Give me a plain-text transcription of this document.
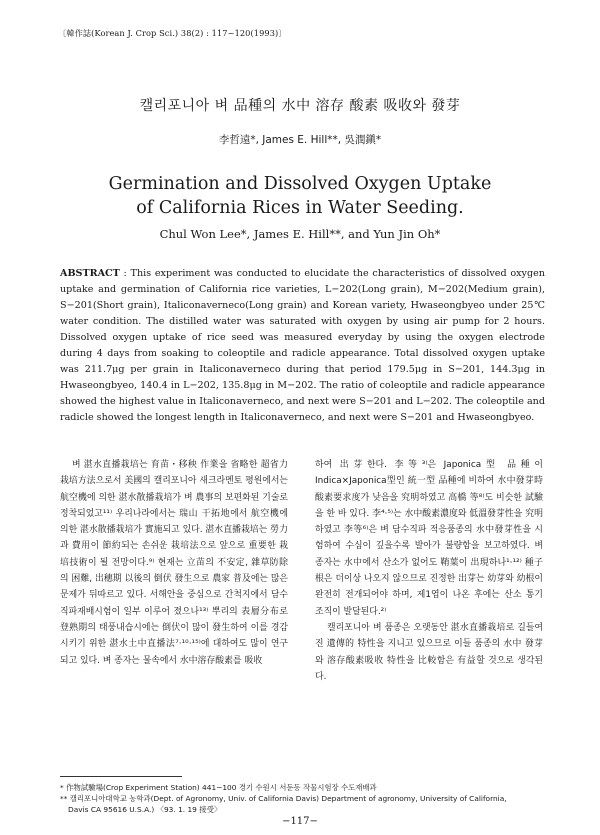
〔韓作誌(Korean J. Crop Sci.) 38(2) : 117~120(1993)〕
캘리포니아 벼 品種의 水中 溶存 酸素 吸收와 發芽
李哲遠*, James E. Hill**, 吳潤鎭*
Germination and Dissolved Oxygen Uptake
of California Rices in Water Seeding.
Chul Won Lee*, James E. Hill**, and Yun Jin Oh*
ABSTRACT : This experiment was conducted to elucidate the characteristics of dissolved oxygen uptake and germination of California rice varieties, L−202(Long grain), M−202(Medium grain), S−201(Short grain), Italiconaverneco(Long grain) and Korean variety, Hwaseongbyeo under 25℃ water condition. The distilled water was saturated with oxygen by using air pump for 2 hours. Dissolved oxygen uptake of rice seed was measured everyday by using the oxygen electrode during 4 days from soaking to coleoptile and radicle appearance. Total dissolved oxygen uptake was 211.7μg per grain in Italiconaverneco during that period 179.5μg in S−201, 144.3μg in Hwaseongbyeo, 140.4 in L−202, 135.8μg in M−202. The ratio of coleoptile and radicle appearance showed the highest value in Italiconaverneco, and next were S−201 and L−202. The coleoptile and radicle showed the longest length in Italiconaverneco, and next were S−201 and Hwaseongbyeo.

벼 湛水直播栽培는 育苗・移秧 作業을 省略한 超省力栽培方法으로서 美國의 캘리포니아 새크라멘토 평원에서는 航空機에 의한 湛水散播栽培가 벼 農事의 보편화된 기술로 정착되었고¹¹⁾ 우리나라에서는 瑞山 干拓地에서 航空機에 의한 湛水散播栽培가 實施되고 있다. 湛水直播栽培는 勞力과 費用이 節約되는 손쉬운 栽培法으로 앞으로 重要한 栽培技術이 될 전망이다.⁹⁾ 현재는 立苗의 不安定, 雜草防除의 困難, 出穗期 以後의 倒伏 發生으로 農家 普及에는 많은 문제가 뒤따르고 있다. 서해안을 중심으로 간척지에서 담수직파재배시험이 일부 이루어 졌으나¹³⁾ 뿌리의 表層分布로 登熟期의 태풍내습시에는 倒伏이 많이 發生하여 이를 경감시키기 위한 湛水土中直播法⁷·¹⁰·¹⁵⁾에 대하여도 많이 연구되고 있다. 벼 종자는 물속에서 水中溶存酸素를 吸收

하여 出芽한다. 李等³⁾은 Japonica型 品種이 Indica×Japonica型인 統一型 品種에 비하여 水中發芽時 酸素要求度가 낮음을 究明하였고 高橋 等⁸⁾도 비슷한 試驗을 한 바 있다. 李⁴·⁵⁾는 水中酸素濃度와 低溫發芽性을 究明하였고 李等⁶⁾은 벼 담수직파 적응품종의 水中發芽性을 시험하여 수심이 깊을수록 발아가 불량함을 보고하였다. 벼 종자는 水中에서 산소가 없어도 鞘葉이 出現하나¹·¹²⁾ 種子根은 더이상 나오지 않으므로 진정한 出芽는 幼芽와 幼根이 완전히 전개되어야 하며, 제1엽이 나온 후에는 산소 통기 조직이 발달된다.²⁾

캘리포니아 벼 품종은 오랫동안 湛水直播栽培로 길들여진 遺傳的 特性을 지니고 있으므로 이들 품종의 水中 發芽와 溶存酸素吸收 特性을 比較함은 有益할 것으로 생각된다.

* 作物試驗場(Crop Experiment Station) 441−100 경기 수원시 서둔동 작물시험장 수도재배과

** 캘리포니아대학교 농학과(Dept. of Agronomy, Univ. of California Davis) Department of agronomy, University of California,

Davis CA 95616 U.S.A.) 〈93. 1. 19 接受〉

−117−
